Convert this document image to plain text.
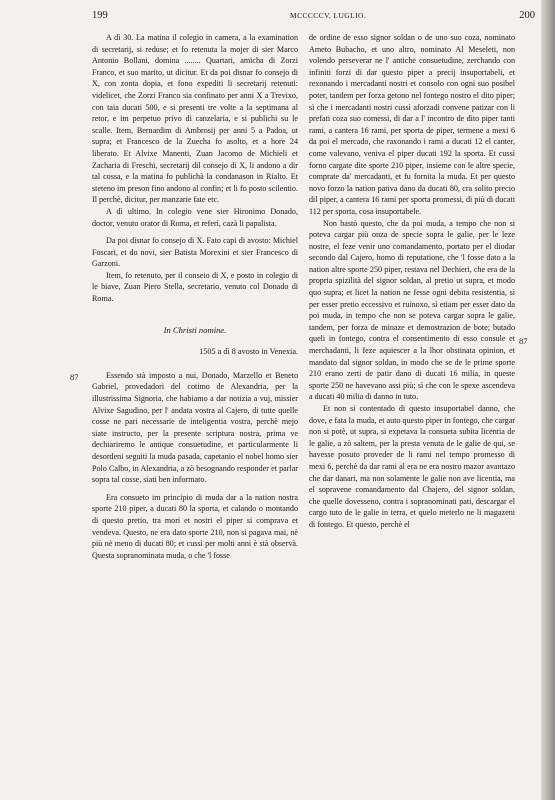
199	MCCCCCV, LUGLIO.	200
87
87

A dì 30. La matina il colegio in camera, a la examination di secretarij, si reduse; et fo retenuta la mojer di sier Marco Antonio Bollani, domina ........ Quartari, amicha di Zorzi Franco, et suo marito, ut dicitur. Et da poi disnar fo consejo di X, con zonta dopia, et fono expediti li secretarij retenuti: videlicet, che Zorzi Franco sia confinato per anni X a Trevixo, con taia ducati 500, e si presenti tre volte a la septimana al retor, e im perpetuo privo di canzelaria, e si publichi su le scalle. Item, Bernardim di Ambrosij per anni 5 a Padoa, ut supra; et Francesco de la Zuecha fo asolto, et a hore 24 liberato. Et Alvixe Manenti, Zuan Jacomo de Michieli et Zacharia di Freschi, secretarij dil consejo di X, li andono a dir tal cossa, e la matina fo publichà la condanason in Rialto. Et steteno im preson fino andono al confin; et li fo posto scilentio. Il perchè, dicitur, per manzarie fate etc.

A dì ultimo. In colegio vene sier Hironimo Donado, doctor, venuto orator di Roma, et referì, cazà li papalista.

Da poi disnar fo consejo di X. Fato capi di avosto: Michiel Foscari, et do novi, sier Batista Morexini et sier Francesco di Garzoni.

Item, fo retenuto, per il conseio di X, e posto in colegio di le biave, Zuan Piero Stella, secretario, venuto col Donado di Roma.

In Christi nomine.
1505 a dì 8 avosto in Venexia.

Essendo stà imposto a nui, Donado, Marzello et Beneto Gabriel, provedadori del cotimo de Alexandria, per la illustrissima Signoria, che habiamo a dar notizia a vuj, missier Alvixe Sagudino, per l' andata vostra al Cajero, di tutte quelle cosse ne pari necessarie de inteligentia vostra, perchè mejo siate instructo, per la presente scriptura nostra, prima ve dechiariremo le antique consuetudine, et particularmente li desordeni seguiti la muda pasada, capetanio el nobel homo sier Polo Calbo, in Alexandria, a zò besognando responder et parlar sopra tal cosse, siati ben informato.

Era consueto im principio di muda dar a la nation nostra sporte 210 piper, a ducati 80 la sporta, et calando o montando di questo pretio, tra mori et nostri el piper si comprava et vendeva. Questo, ne era dato sporte 210, non si pagava mai, nè più nè meno di ducati 80; et cussì per molti anni è stà observà. Questa sopranominata muda, o che 'l fosse

de ordine de esso signor soldan o de uno suo coza, nominato Ameto Bubacho, et uno altro, nominato Al Meseleti, non volendo perseverar ne l' antiche consuetudine, zerchando con infiniti forzi di dar questo piper a precij insuportabeli, et rexonando i mercadanti nostri et consolo con ogni suo posibel poter, tandem per forza getono nel fontego nostro el dito piper; sì che i mercadanti nostri cussì aforzadi convene patizar con li prefati coza suo comessi, di dar a l' incontro de dito piper tanti rami, a cantera 16 rami, per sporta de piper, termene a mexi 6 da poi el mercado, che raxonando i rami a ducati 12 el canter, come valevano, veniva el piper ducati 192 la sporta. Et cussì forno cargate dite sporte 210 piper, insieme con le altre specie, comprate da' mercadanti, et fu fornita la muda. Et per questo novo forzo la nation pativa dano da ducati 80, cra solito precio dil piper, a cantera 16 rami per sporta promessi, di più di ducati 112 per sporta, cosa insuportabele.

Non bastò questo, che da poi muda, a tempo che non si poteva cargar più onza de specie sopra le galie, per le leze nostre, el feze venir uno comandamento, portato per el diodar secondo dal Cajero, homo di reputatione, che 'l fosse dato a la nation altre sporte 250 piper, restava nel Dechieri, che era de la propria spizilità del signor soldan, al pretio ut supra, et modo quo supra; et licet la nation ne fesse ogni debita resistentia, sì per esser pretio eccessivo et ruinoxo, sì etiam per esser dato da poi muda, in tempo che non se poteva cargar sopra le galie, tandem, per forza de minaze et demostrazion de bote; butado queli in fontego, contra el consentimento di esso consule et merchadanti, li feze aquiescer a la lhor obstinata opinion, et mandato dal signor soldan, in modo che se de le prime sporte 210 erano zerti de patir dano di ducati 16 milia, in queste sporte 250 ne havevano assi più; sì che con le spexe ascendeva a ducati 40 milia di danno in tuto.

Et non si contentado di questo insuportabel danno, che dove, e fata la muda, et auto questo piper in fontego, che cargar non si potè, ut supra, si expetava la consueta subita licentia de le galie, a zò saltem, per la presta venuta de le galie de qui, se havesse posuto proveder de li rami nel tempo promesso di mexi 6, perchè da dar rami al era ne era nostro mazor avantazo che dar danari, ma non solamente le galie non ave licentia, ma el sopravene comandamento dal Chajero, del signor soldan, che quelle dovesseno, contra i sopranominati pati, descargar el cargo tuto de le galie in terra, et quelo meterlo ne li magazeni di fontego. Et questo, perchè el
